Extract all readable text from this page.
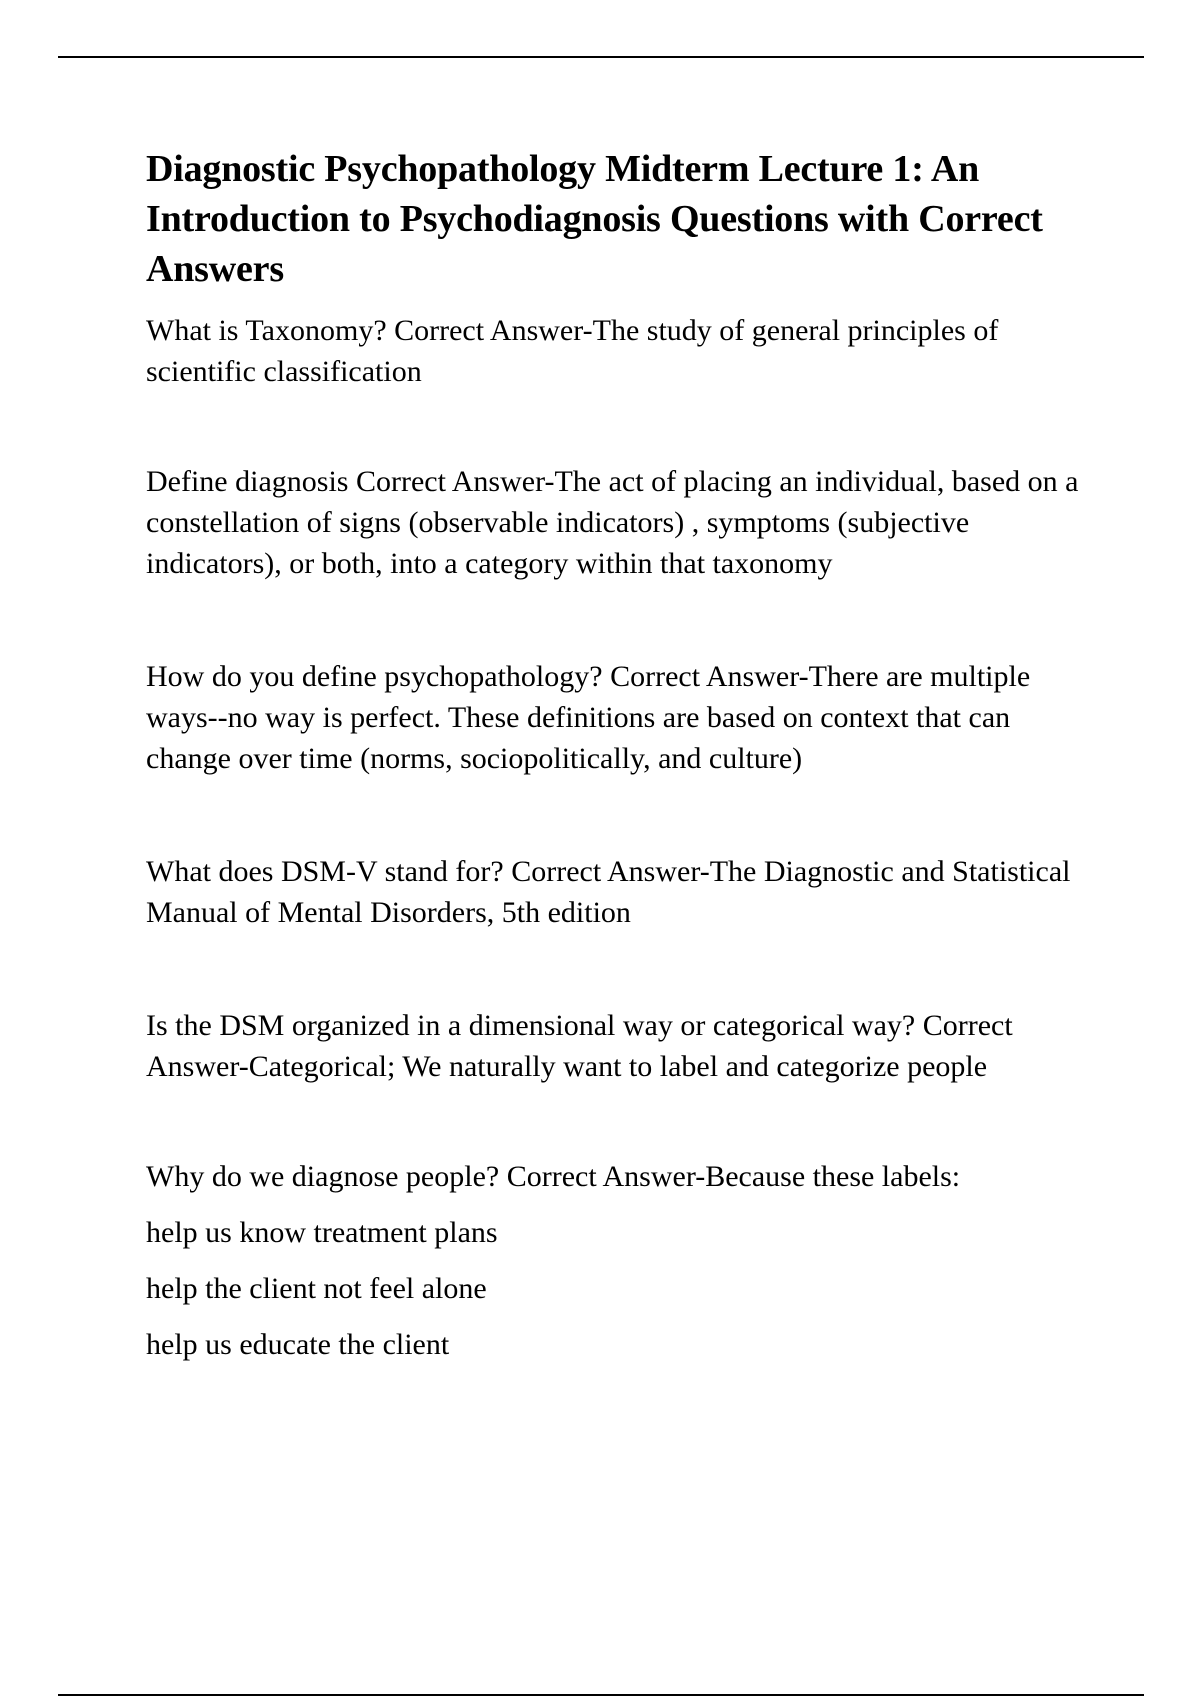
Diagnostic Psychopathology Midterm Lecture 1: An Introduction to Psychodiagnosis Questions with Correct Answers

What is Taxonomy? Correct Answer-The study of general principles of scientific classification

Define diagnosis Correct Answer-The act of placing an individual, based on a constellation of signs (observable indicators) , symptoms (subjective indicators), or both, into a category within that taxonomy

How do you define psychopathology? Correct Answer-There are multiple ways--no way is perfect. These definitions are based on context that can change over time (norms, sociopolitically, and culture)

What does DSM-V stand for? Correct Answer-The Diagnostic and Statistical Manual of Mental Disorders, 5th edition

Is the DSM organized in a dimensional way or categorical way? Correct Answer-Categorical; We naturally want to label and categorize people

Why do we diagnose people? Correct Answer-Because these labels:

help us know treatment plans

help the client not feel alone

help us educate the client
